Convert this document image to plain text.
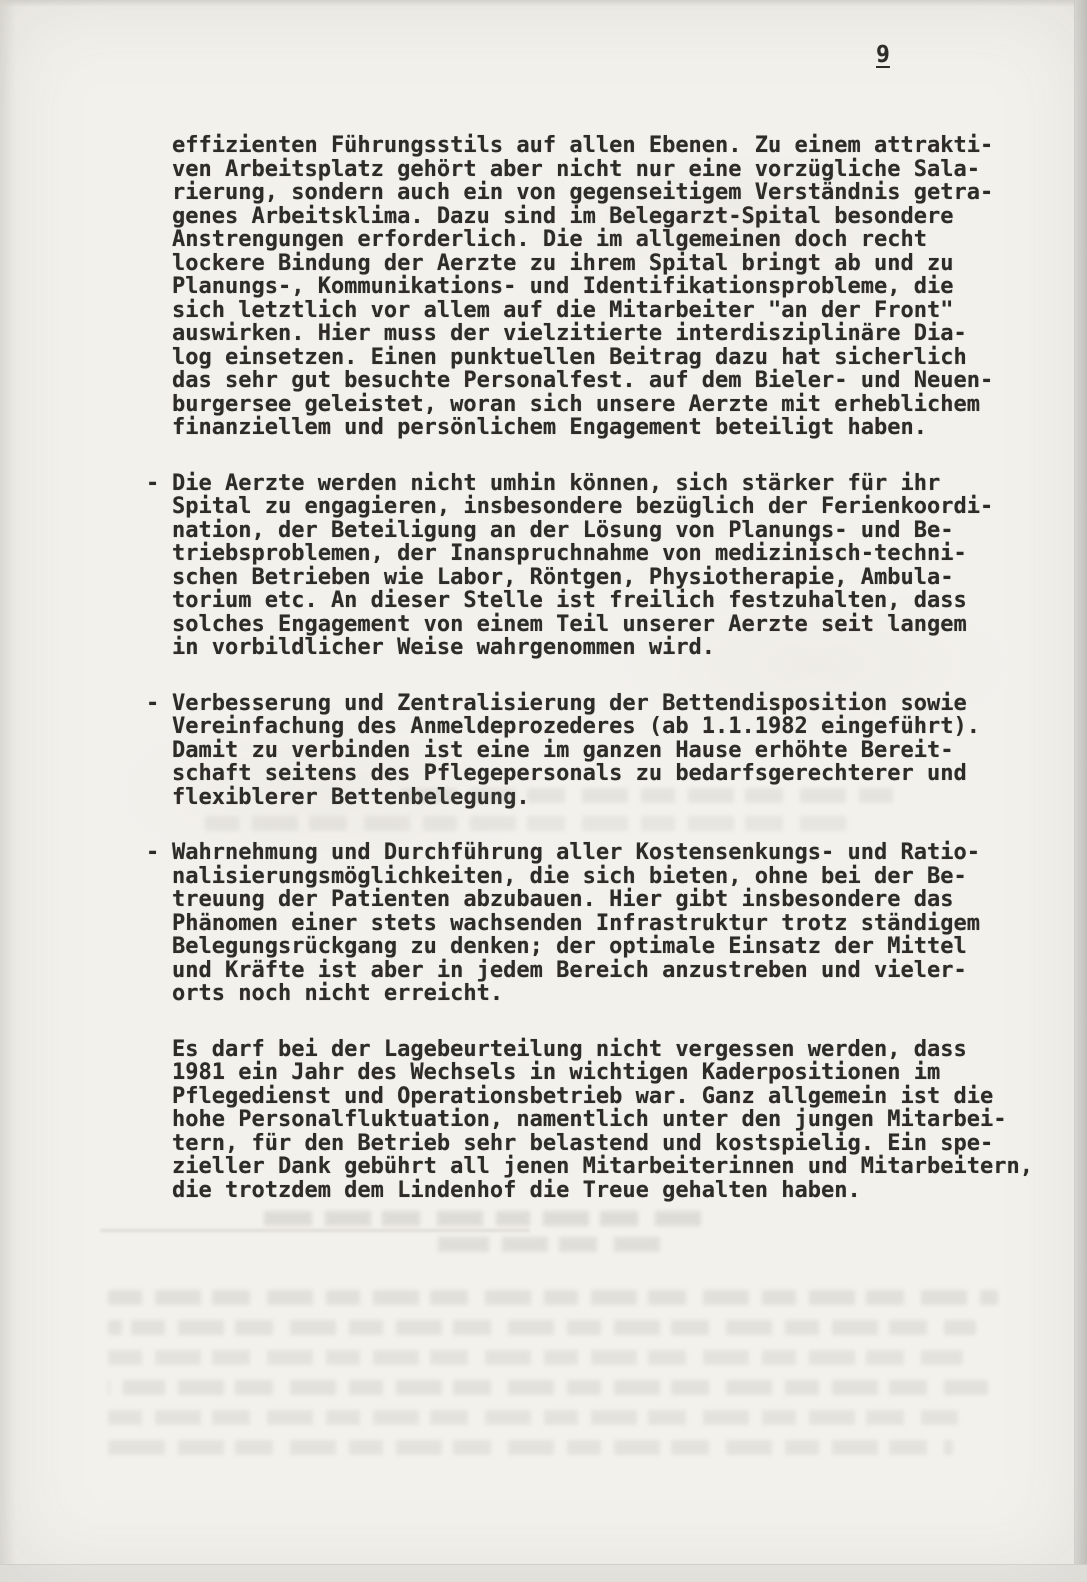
9
effizienten Führungsstils auf allen Ebenen. Zu einem attrakti-
ven Arbeitsplatz gehört aber nicht nur eine vorzügliche Sala-
rierung, sondern auch ein von gegenseitigem Verständnis getra-
genes Arbeitsklima. Dazu sind im Belegarzt-Spital besondere
Anstrengungen erforderlich. Die im allgemeinen doch recht
lockere Bindung der Aerzte zu ihrem Spital bringt ab und zu
Planungs-, Kommunikations- und Identifikationsprobleme, die
sich letztlich vor allem auf die Mitarbeiter "an der Front"
auswirken. Hier muss der vielzitierte interdisziplinäre Dia-
log einsetzen. Einen punktuellen Beitrag dazu hat sicherlich
das sehr gut besuchte Personalfest. auf dem Bieler- und Neuen-
burgersee geleistet, woran sich unsere Aerzte mit erheblichem
finanziellem und persönlichem Engagement beteiligt haben.
- Die Aerzte werden nicht umhin können, sich stärker für ihr
Spital zu engagieren, insbesondere bezüglich der Ferienkoordi-
nation, der Beteiligung an der Lösung von Planungs- und Be-
triebsproblemen, der Inanspruchnahme von medizinisch-techni-
schen Betrieben wie Labor, Röntgen, Physiotherapie, Ambula-
torium etc. An dieser Stelle ist freilich festzuhalten, dass
solches Engagement von einem Teil unserer Aerzte seit langem
in vorbildlicher Weise wahrgenommen wird.
- Verbesserung und Zentralisierung der Bettendisposition sowie
Vereinfachung des Anmeldeprozederes (ab 1.1.1982 eingeführt).
Damit zu verbinden ist eine im ganzen Hause erhöhte Bereit-
schaft seitens des Pflegepersonals zu bedarfsgerechterer und
flexiblerer Bettenbelegung.
- Wahrnehmung und Durchführung aller Kostensenkungs- und Ratio-
nalisierungsmöglichkeiten, die sich bieten, ohne bei der Be-
treuung der Patienten abzubauen. Hier gibt insbesondere das
Phänomen einer stets wachsenden Infrastruktur trotz ständigem
Belegungsrückgang zu denken; der optimale Einsatz der Mittel
und Kräfte ist aber in jedem Bereich anzustreben und vieler-
orts noch nicht erreicht.
Es darf bei der Lagebeurteilung nicht vergessen werden, dass
1981 ein Jahr des Wechsels in wichtigen Kaderpositionen im
Pflegedienst und Operationsbetrieb war. Ganz allgemein ist die
hohe Personalfluktuation, namentlich unter den jungen Mitarbei-
tern, für den Betrieb sehr belastend und kostspielig. Ein spe-
zieller Dank gebührt all jenen Mitarbeiterinnen und Mitarbeitern,
die trotzdem dem Lindenhof die Treue gehalten haben.
